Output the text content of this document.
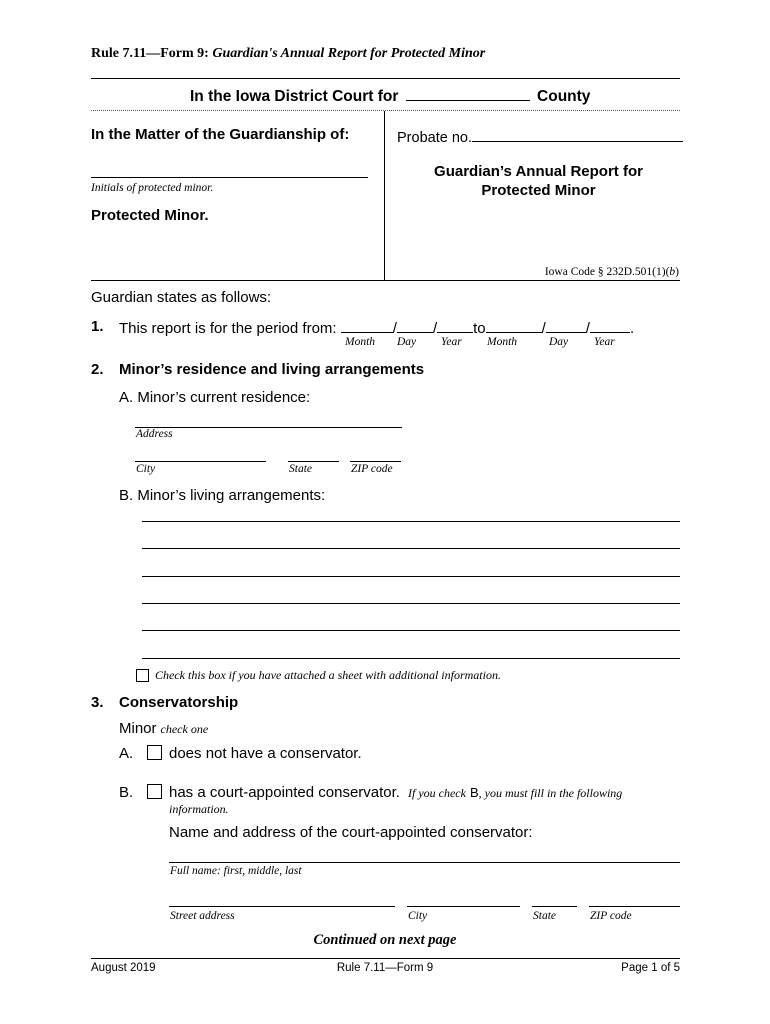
Rule 7.11—Form 9: Guardian's Annual Report for Protected Minor
In the Iowa District Court for	County
In the Matter of the Guardianship of:
Initials of protected minor.
Protected Minor.
Probate no.
Guardian’s Annual Report for
Protected Minor
Iowa Code § 232D.501(1)(b)
Guardian states as follows:
1. This report is for the period from:	/ / to	/	/	.
Month Day Year Month	Day Year
2. Minor’s residence and living arrangements
A. Minor’s current residence:
Address
City	State	ZIP code
B. Minor’s living arrangements:
Check this box if you have attached a sheet with additional information.
3. Conservatorship
Minor check one
A. does not have a conservator.
B. has a court-appointed conservator. If you check B, you must fill in the following
information.
Name and address of the court-appointed conservator:
Full name: first, middle, last
Street address	City	State	ZIP code
Continued on next page
August 2019	Rule 7.11—Form 9	Page 1 of 5
